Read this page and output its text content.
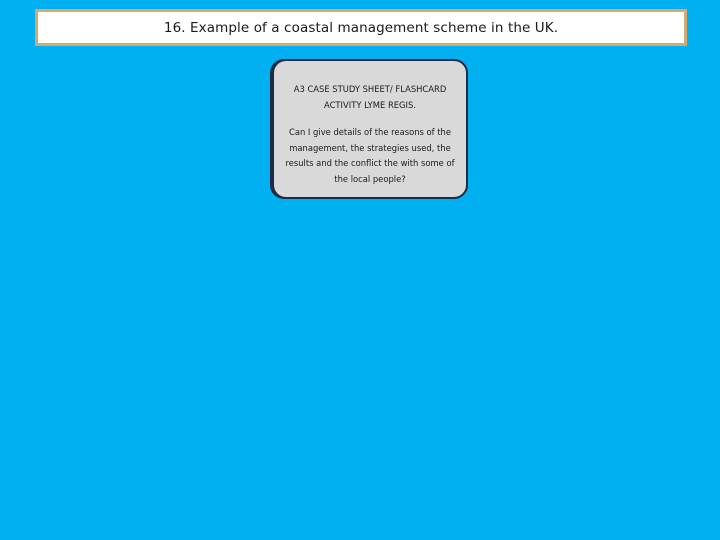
16. Example of a coastal management scheme in the UK.

A3 CASE STUDY SHEET/ FLASHCARD ACTIVITY LYME REGIS.

Can I give details of the reasons of the management, the strategies used, the results and the conflict the with some of the local people?
